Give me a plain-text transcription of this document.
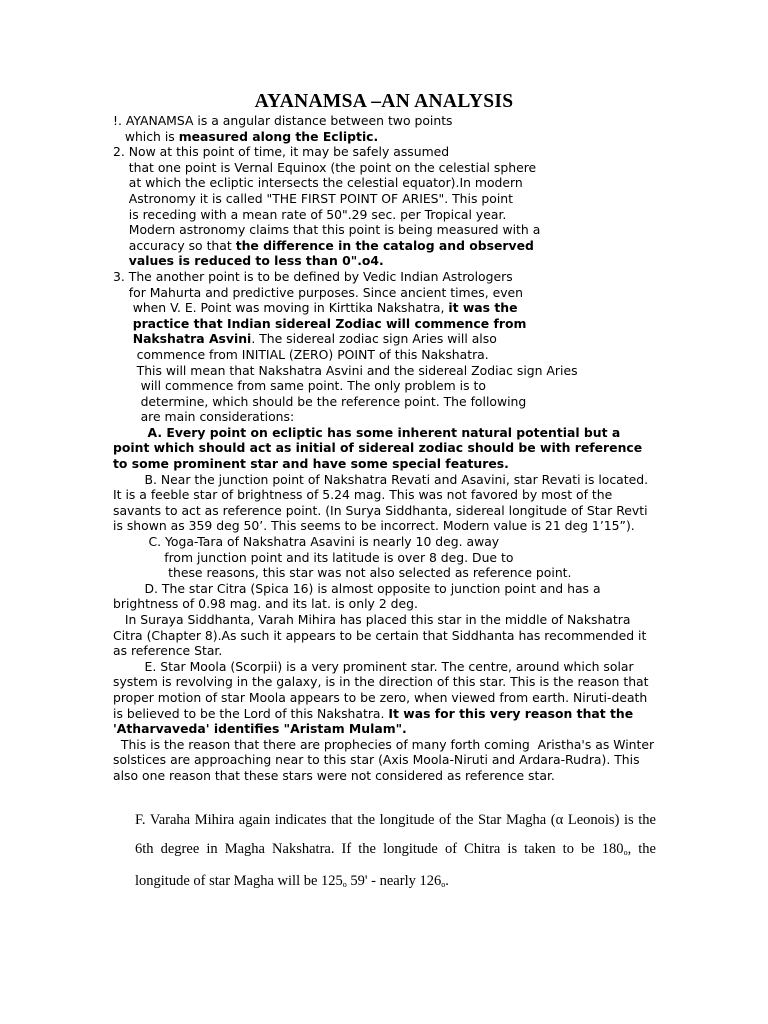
AYANAMSA –AN ANALYSIS
!. AYANAMSA is a angular distance between two points
which is measured along the Ecliptic.
2. Now at this point of time, it may be safely assumed
that one point is Vernal Equinox (the point on the celestial sphere
at which the ecliptic intersects the celestial equator).In modern
Astronomy it is called "THE FIRST POINT OF ARIES". This point
is receding with a mean rate of 50".29 sec. per Tropical year.
Modern astronomy claims that this point is being measured with a
accuracy so that the difference in the catalog and observed
values is reduced to less than 0".o4.
3. The another point is to be defined by Vedic Indian Astrologers
for Mahurta and predictive purposes. Since ancient times, even
when V. E. Point was moving in Kirttika Nakshatra, it was the
practice that Indian sidereal Zodiac will commence from
Nakshatra Asvini. The sidereal zodiac sign Aries will also
commence from INITIAL (ZERO) POINT of this Nakshatra.
This will mean that Nakshatra Asvini and the sidereal Zodiac sign Aries
will commence from same point. The only problem is to
determine, which should be the reference point. The following
are main considerations:
A. Every point on ecliptic has some inherent natural potential but a point which should act as initial of sidereal zodiac should be with reference to some prominent star and have some special features.
B. Near the junction point of Nakshatra Revati and Asavini, star Revati is located. It is a feeble star of brightness of 5.24 mag. This was not favored by most of the savants to act as reference point. (In Surya Siddhanta, sidereal longitude of Star Revti is shown as 359 deg 50’. This seems to be incorrect. Modern value is 21 deg 1’15”).
C. Yoga-Tara of Nakshatra Asavini is nearly 10 deg. away
from junction point and its latitude is over 8 deg. Due to
these reasons, this star was not also selected as reference point.
D. The star Citra (Spica 16) is almost opposite to junction point and has a brightness of 0.98 mag. and its lat. is only 2 deg.
In Suraya Siddhanta, Varah Mihira has placed this star in the middle of Nakshatra Citra (Chapter 8).As such it appears to be certain that Siddhanta has recommended it as reference Star.
E. Star Moola (Scorpii) is a very prominent star. The centre, around which solar system is revolving in the galaxy, is in the direction of this star. This is the reason that proper motion of star Moola appears to be zero, when viewed from earth. Niruti-death is believed to be the Lord of this Nakshatra. It was for this very reason that the 'Atharvaveda' identifies "Aristam Mulam".
This is the reason that there are prophecies of many forth coming  Aristha's as Winter solstices are approaching near to this star (Axis Moola-Niruti and Ardara-Rudra). This also one reason that these stars were not considered as reference star.
F. Varaha Mihira again indicates that the longitude of the Star Magha (α Leonois) is the 6th degree in Magha Nakshatra. If the longitude of Chitra is taken to be $180_o$, the longitude of star Magha will be $125_o$ 59' - nearly $126_o$.
